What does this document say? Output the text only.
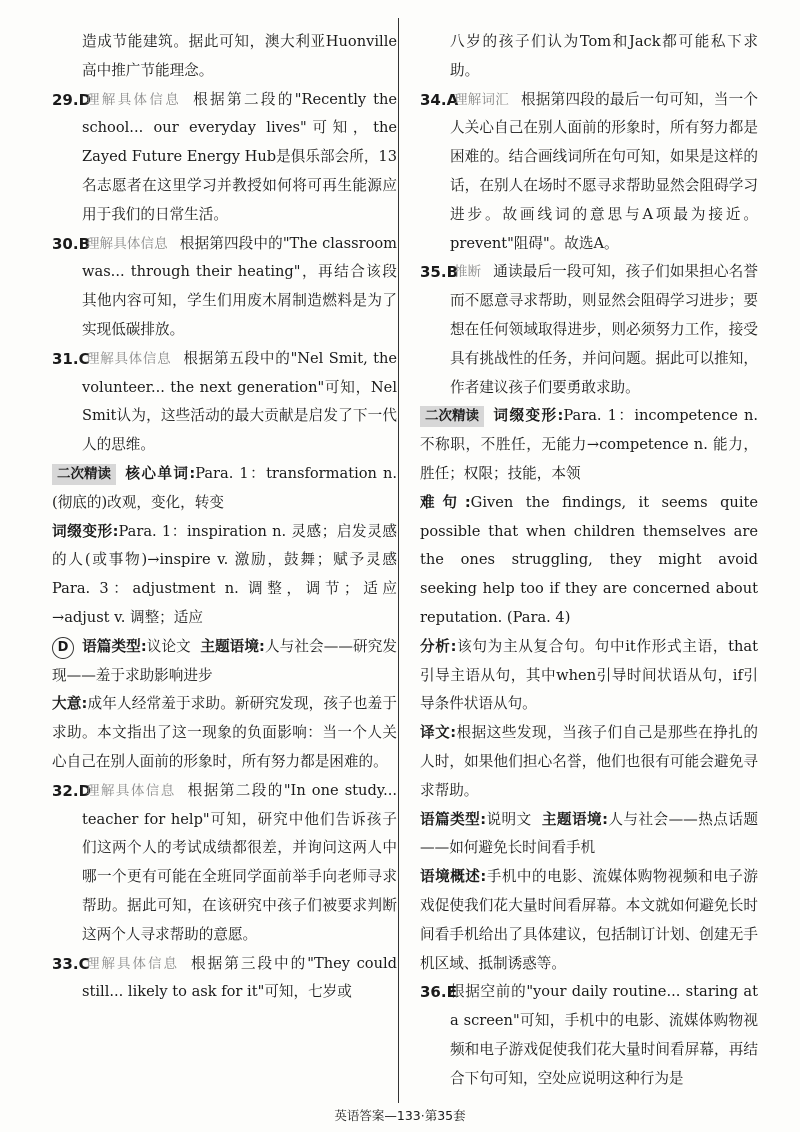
造成节能建筑。据此可知，澳大利亚Huonville高中推广节能理念。

29.D
理解具体信息 根据第二段的"Recently the school... our everyday lives"可知，the Zayed Future Energy Hub是俱乐部会所，13名志愿者在这里学习并教授如何将可再生能源应用于我们的日常生活。
30.B
理解具体信息 根据第四段中的"The classroom was... through their heating"，再结合该段其他内容可知，学生们用废木屑制造燃料是为了实现低碳排放。
31.C
理解具体信息 根据第五段中的"Nel Smit, the volunteer... the next generation"可知，Nel Smit认为，这些活动的最大贡献是启发了下一代人的思维。

二次精读 核心单词:Para. 1：transformation n. (彻底的)改观，变化，转变

词缀变形:Para. 1：inspiration n. 灵感；启发灵感的人(或事物)→inspire v. 激励，鼓舞；赋予灵感 Para. 3：adjustment n. 调整，调节；适应→adjust v. 调整；适应

D 语篇类型:议论文 主题语境:人与社会——研究发现——羞于求助影响进步

大意:成年人经常羞于求助。新研究发现，孩子也羞于求助。本文指出了这一现象的负面影响：当一个人关心自己在别人面前的形象时，所有努力都是困难的。

32.D
理解具体信息 根据第二段的"In one study... teacher for help"可知，研究中他们告诉孩子们这两个人的考试成绩都很差，并询问这两人中哪一个更有可能在全班同学面前举手向老师寻求帮助。据此可知，在该研究中孩子们被要求判断这两个人寻求帮助的意愿。
33.C
理解具体信息 根据第三段中的"They could still... likely to ask for it"可知，七岁或

八岁的孩子们认为Tom和Jack都可能私下求助。

34.A
理解词汇 根据第四段的最后一句可知，当一个人关心自己在别人面前的形象时，所有努力都是困难的。结合画线词所在句可知，如果是这样的话，在别人在场时不愿寻求帮助显然会阻碍学习进步。故画线词的意思与A项最为接近。prevent"阻碍"。故选A。
35.B
推断 通读最后一段可知，孩子们如果担心名誉而不愿意寻求帮助，则显然会阻碍学习进步；要想在任何领域取得进步，则必须努力工作，接受具有挑战性的任务，并问问题。据此可以推知，作者建议孩子们要勇敢求助。

二次精读 词缀变形:Para. 1：incompetence n. 不称职，不胜任，无能力→competence n. 能力，胜任；权限；技能，本领

难句:Given the findings, it seems quite possible that when children themselves are the ones struggling, they might avoid seeking help too if they are concerned about reputation. (Para. 4)

分析:该句为主从复合句。句中it作形式主语，that引导主语从句，其中when引导时间状语从句，if引导条件状语从句。

译文:根据这些发现，当孩子们自己是那些在挣扎的人时，如果他们担心名誉，他们也很有可能会避免寻求帮助。

语篇类型:说明文 主题语境:人与社会——热点话题——如何避免长时间看手机

语境概述:手机中的电影、流媒体购物视频和电子游戏促使我们花大量时间看屏幕。本文就如何避免长时间看手机给出了具体建议，包括制订计划、创建无手机区域、抵制诱惑等。

36.E
根据空前的"your daily routine... staring at a screen"可知，手机中的电影、流媒体购物视频和电子游戏促使我们花大量时间看屏幕，再结合下句可知，空处应说明这种行为是
英语答案—133·第35套
